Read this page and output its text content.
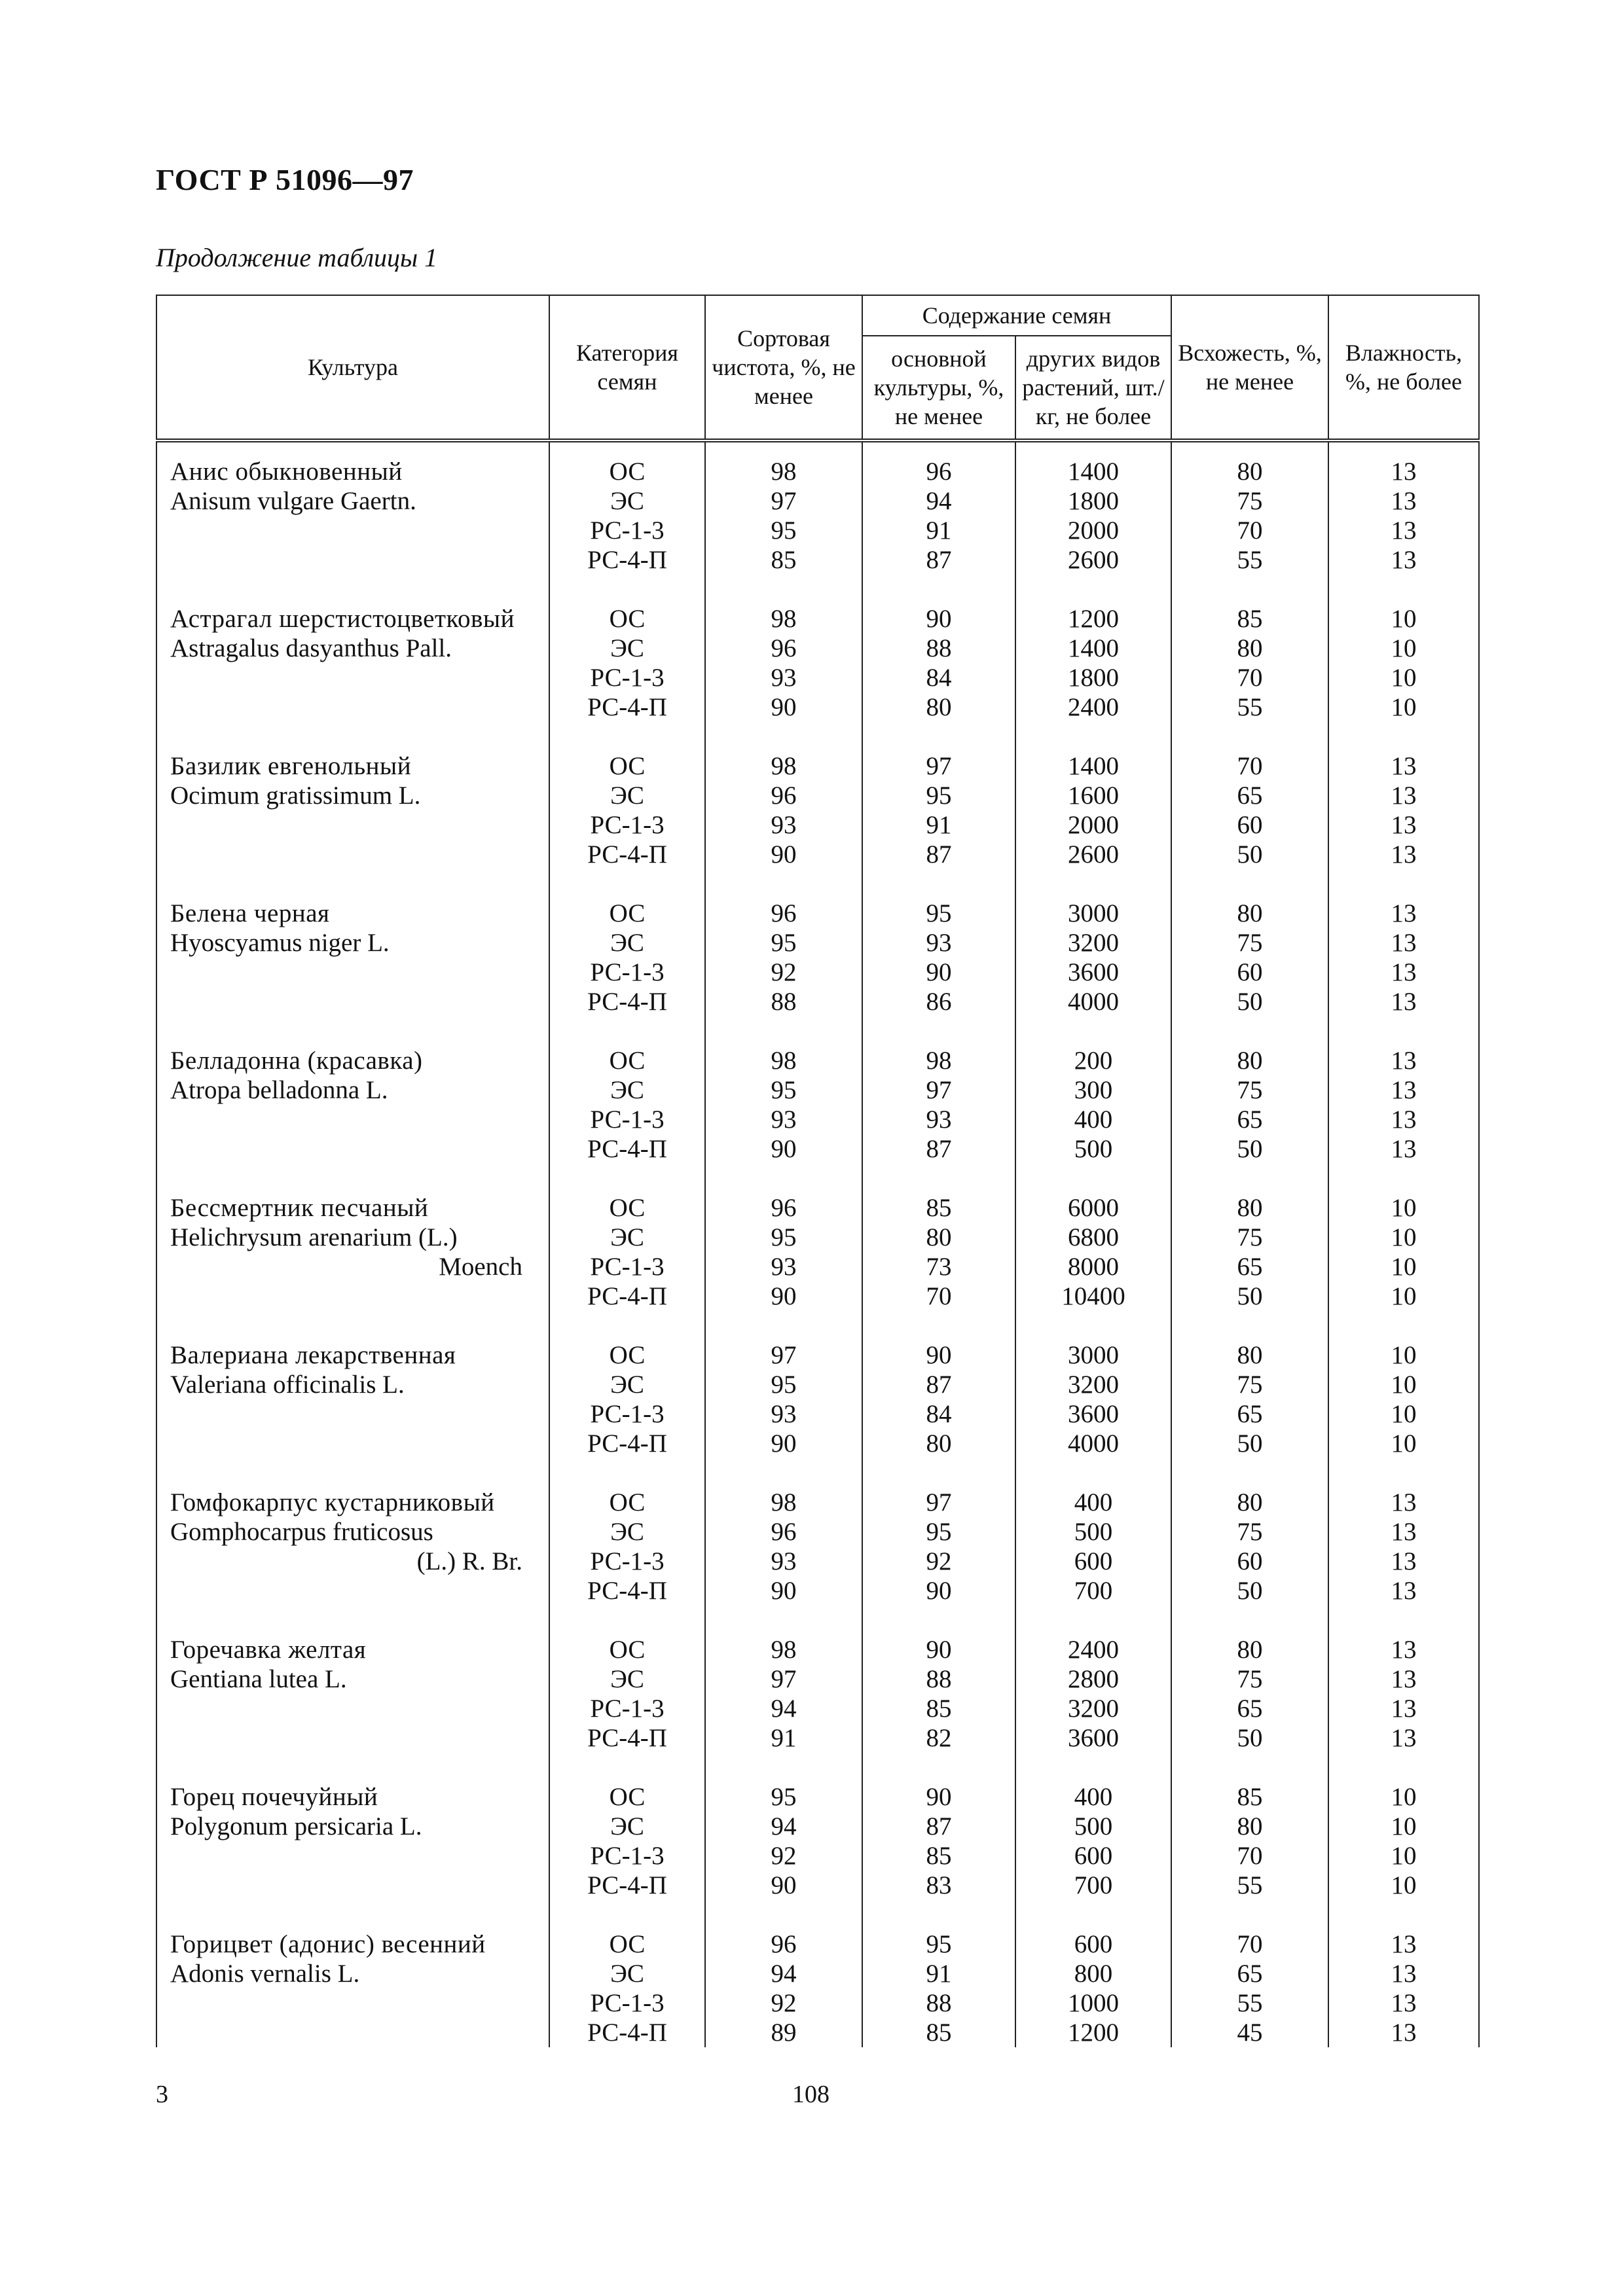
ГОСТ Р 51096—97
Продолжение таблицы 1
Культура	Категория семян	Сортовая чистота, %, не менее	Содержание семян		Всхожесть, %, не менее	Влажность, %, не более
			основной культуры, %, не менее	других видов растений, шт./кг, не более		

Анис обыкновенный	ОС	98	96	1400	80	13
Anisum vulgare Gaertn.	ЭС	97	94	1800	75	13
	РС-1-3	95	91	2000	70	13
	РС-4-П	85	87	2600	55	13

Астрагал шерстистоцветковый	ОС	98	90	1200	85	10
Astragalus dasyanthus Pall.	ЭС	96	88	1400	80	10
	РС-1-3	93	84	1800	70	10
	РС-4-П	90	80	2400	55	10

Базилик евгенольный	ОС	98	97	1400	70	13
Ocimum gratissimum L.	ЭС	96	95	1600	65	13
	РС-1-3	93	91	2000	60	13
	РС-4-П	90	87	2600	50	13

Белена черная	ОС	96	95	3000	80	13
Hyoscyamus niger L.	ЭС	95	93	3200	75	13
	РС-1-3	92	90	3600	60	13
	РС-4-П	88	86	4000	50	13

Белладонна (красавка)	ОС	98	98	200	80	13
Atropa belladonna L.	ЭС	95	97	300	75	13
	РС-1-3	93	93	400	65	13
	РС-4-П	90	87	500	50	13

Бессмертник песчаный	ОС	96	85	6000	80	10
Helichrysum arenarium (L.)	ЭС	95	80	6800	75	10
Moench	РС-1-3	93	73	8000	65	10
	РС-4-П	90	70	10400	50	10

Валериана лекарственная	ОС	97	90	3000	80	10
Valeriana officinalis L.	ЭС	95	87	3200	75	10
	РС-1-3	93	84	3600	65	10
	РС-4-П	90	80	4000	50	10

Гомфокарпус кустарниковый	ОС	98	97	400	80	13
Gomphocarpus fruticosus	ЭС	96	95	500	75	13
(L.) R. Br.	РС-1-3	93	92	600	60	13
	РС-4-П	90	90	700	50	13

Горечавка желтая	ОС	98	90	2400	80	13
Gentiana lutea L.	ЭС	97	88	2800	75	13
	РС-1-3	94	85	3200	65	13
	РС-4-П	91	82	3600	50	13

Горец почечуйный	ОС	95	90	400	85	10
Polygonum persicaria L.	ЭС	94	87	500	80	10
	РС-1-3	92	85	600	70	10
	РС-4-П	90	83	700	55	10

Горицвет (адонис) весенний	ОС	96	95	600	70	13
Adonis vernalis L.	ЭС	94	91	800	65	13
	РС-1-3	92	88	1000	55	13
	РС-4-П	89	85	1200	45	13
3	108
